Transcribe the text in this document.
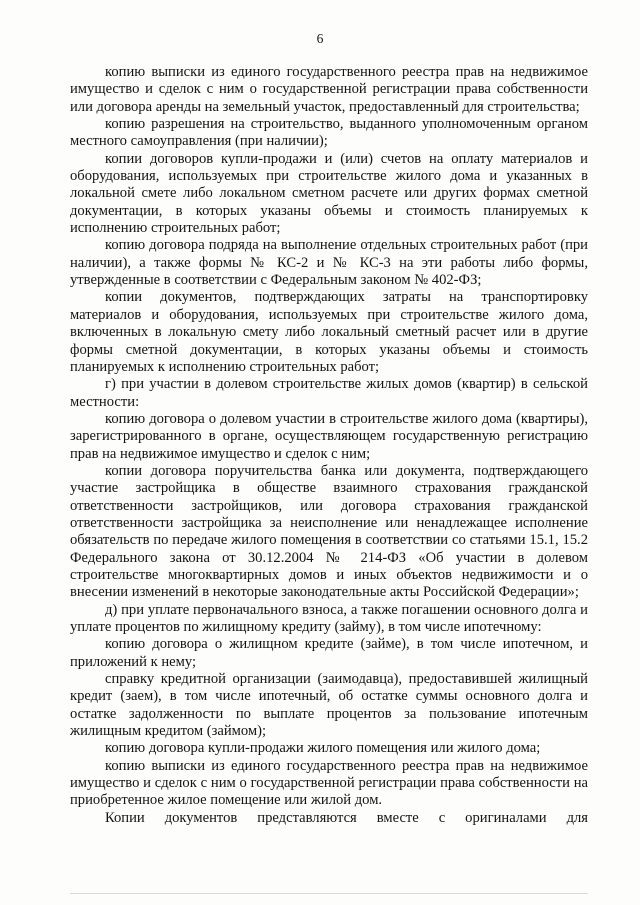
6

копию выписки из единого государственного реестра прав на недвижимое имущество и сделок с ним о государственной регистрации права собственности или договора аренды на земельный участок, предоставленный для строительства;

копию разрешения на строительство, выданного уполномоченным органом местного самоуправления (при наличии);

копии договоров купли-продажи и (или) счетов на оплату материалов и оборудования, используемых при строительстве жилого дома и указанных в локальной смете либо локальном сметном расчете или других формах сметной документации, в которых указаны объемы и стоимость планируемых к исполнению строительных работ;

копию договора подряда на выполнение отдельных строительных работ (при наличии), а также формы № КС-2 и № КС-3 на эти работы либо формы, утвержденные в соответствии с Федеральным законом № 402-ФЗ;

копии документов, подтверждающих затраты на транспортировку материалов и оборудования, используемых при строительстве жилого дома, включенных в локальную смету либо локальный сметный расчет или в другие формы сметной документации, в которых указаны объемы и стоимость планируемых к исполнению строительных работ;

г) при участии в долевом строительстве жилых домов (квартир) в сельской местности:

копию договора о долевом участии в строительстве жилого дома (квартиры), зарегистрированного в органе, осуществляющем государственную регистрацию прав на недвижимое имущество и сделок с ним;

копии договора поручительства банка или документа, подтверждающего участие застройщика в обществе взаимного страхования гражданской ответственности застройщиков, или договора страхования гражданской ответственности застройщика за неисполнение или ненадлежащее исполнение обязательств по передаче жилого помещения в соответствии со статьями 15.1, 15.2 Федерального закона от 30.12.2004 № 214-ФЗ «Об участии в долевом строительстве многоквартирных домов и иных объектов недвижимости и о внесении изменений в некоторые законодательные акты Российской Федерации»;

д) при уплате первоначального взноса, а также погашении основного долга и уплате процентов по жилищному кредиту (займу), в том числе ипотечному:

копию договора о жилищном кредите (займе), в том числе ипотечном, и приложений к нему;

справку кредитной организации (заимодавца), предоставившей жилищный кредит (заем), в том числе ипотечный, об остатке суммы основного долга и остатке задолженности по выплате процентов за пользование ипотечным жилищным кредитом (займом);

копию договора купли-продажи жилого помещения или жилого дома;

копию выписки из единого государственного реестра прав на недвижимое имущество и сделок с ним о государственной регистрации права собственности на приобретенное жилое помещение или жилой дом.

Копии документов представляются вместе с оригиналами для
